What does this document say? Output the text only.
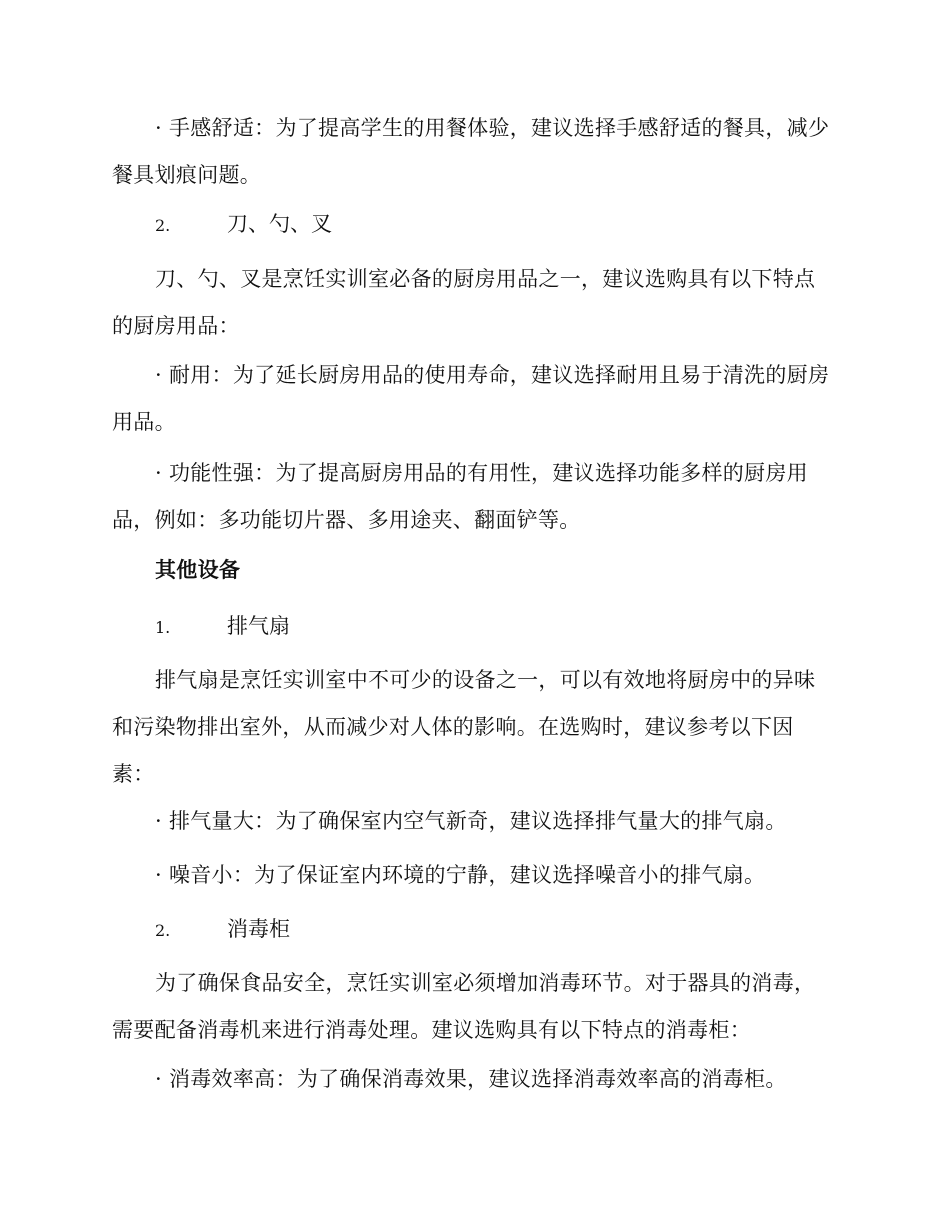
· 手感舒适：为了提高学生的用餐体验，建议选择手感舒适的餐具，减少餐具划痕问题。

2.	刀、勺、叉

刀、勺、叉是烹饪实训室必备的厨房用品之一，建议选购具有以下特点的厨房用品：

· 耐用：为了延长厨房用品的使用寿命，建议选择耐用且易于清洗的厨房用品。

· 功能性强：为了提高厨房用品的有用性，建议选择功能多样的厨房用品，例如：多功能切片器、多用途夹、翻面铲等。

其他设备

1.	排气扇

排气扇是烹饪实训室中不可少的设备之一，可以有效地将厨房中的异味和污染物排出室外，从而减少对人体的影响。在选购时，建议参考以下因素：

· 排气量大：为了确保室内空气新奇，建议选择排气量大的排气扇。

· 噪音小：为了保证室内环境的宁静，建议选择噪音小的排气扇。

2.	消毒柜

为了确保食品安全，烹饪实训室必须增加消毒环节。对于器具的消毒，需要配备消毒机来进行消毒处理。建议选购具有以下特点的消毒柜：

· 消毒效率高：为了确保消毒效果，建议选择消毒效率高的消毒柜。
